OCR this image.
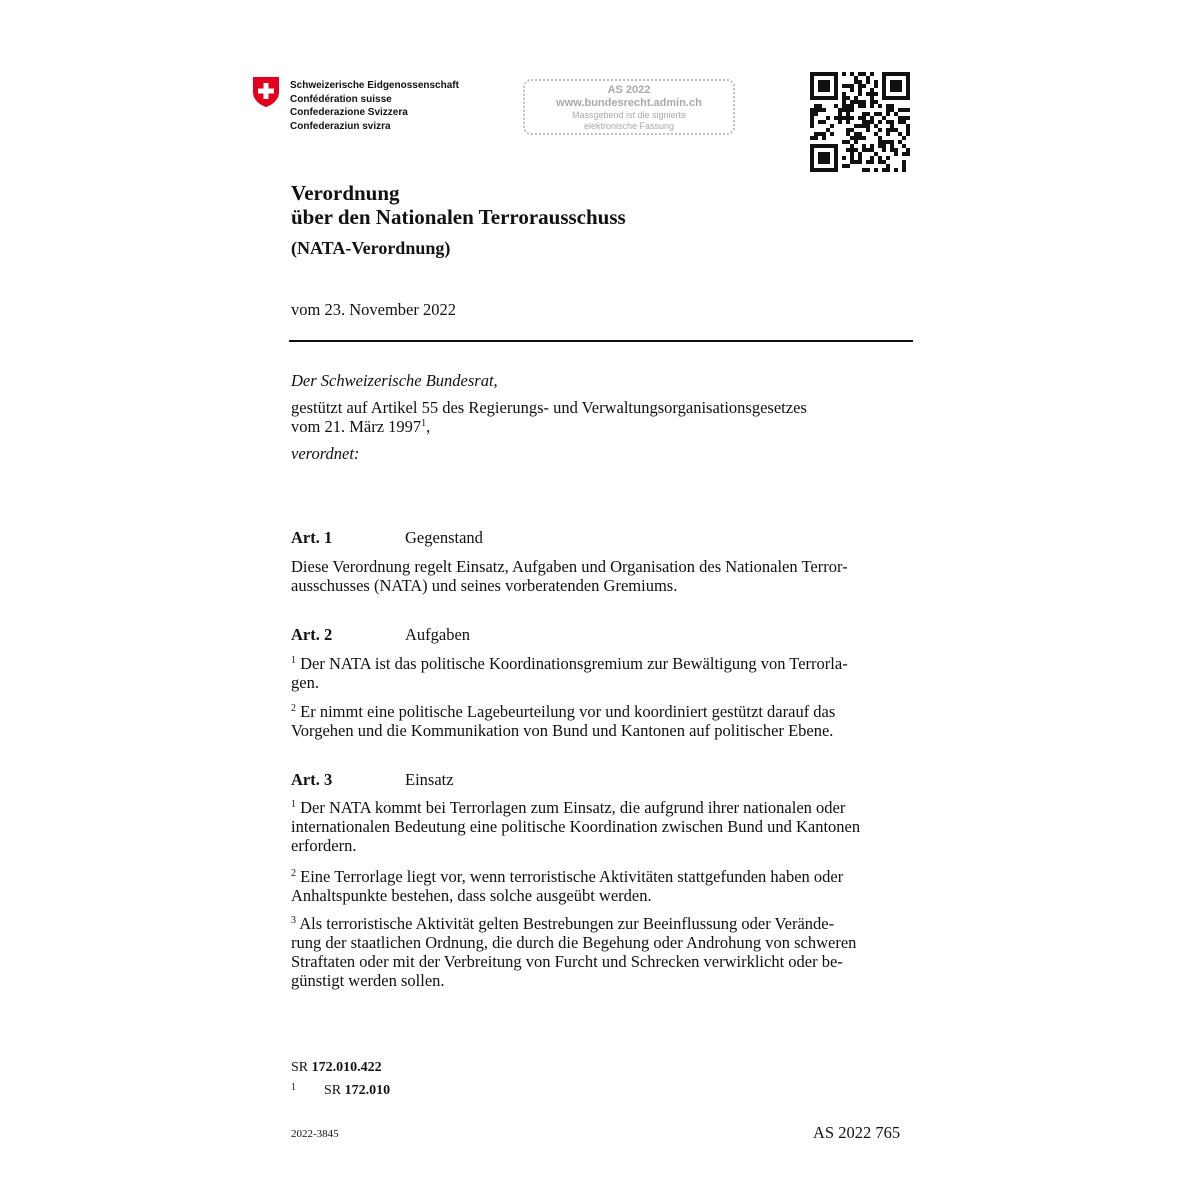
Schweizerische Eidgenossenschaft
Confédération suisse
Confederazione Svizzera
Confederaziun svizra
AS 2022
www.bundesrecht.admin.ch
Massgebend ist die signierte
elektronische Fassung
Verordnung
über den Nationalen Terrorausschuss
(NATA-Verordnung)
vom 23. November 2022
Der Schweizerische Bundesrat,
gestützt auf Artikel 55 des Regierungs- und Verwaltungsorganisationsgesetzes
vom 21. März 1997$^1$,
verordnet:
Art. 1	Gegenstand
Diese Verordnung regelt Einsatz, Aufgaben und Organisation des Nationalen Terror-
ausschusses (NATA) und seines vorberatenden Gremiums.
Art. 2	Aufgaben
$^1$ Der NATA ist das politische Koordinationsgremium zur Bewältigung von Terrorla-
gen.
$^2$ Er nimmt eine politische Lagebeurteilung vor und koordiniert gestützt darauf das
Vorgehen und die Kommunikation von Bund und Kantonen auf politischer Ebene.
Art. 3	Einsatz
$^1$ Der NATA kommt bei Terrorlagen zum Einsatz, die aufgrund ihrer nationalen oder
internationalen Bedeutung eine politische Koordination zwischen Bund und Kantonen
erfordern.
$^2$ Eine Terrorlage liegt vor, wenn terroristische Aktivitäten stattgefunden haben oder
Anhaltspunkte bestehen, dass solche ausgeübt werden.
$^3$ Als terroristische Aktivität gelten Bestrebungen zur Beeinflussung oder Verände-
rung der staatlichen Ordnung, die durch die Begehung oder Androhung von schweren
Straftaten oder mit der Verbreitung von Furcht und Schrecken verwirklicht oder be-
günstigt werden sollen.
SR 172.010.422
1 SR 172.010
2022-3845	AS 2022 765
